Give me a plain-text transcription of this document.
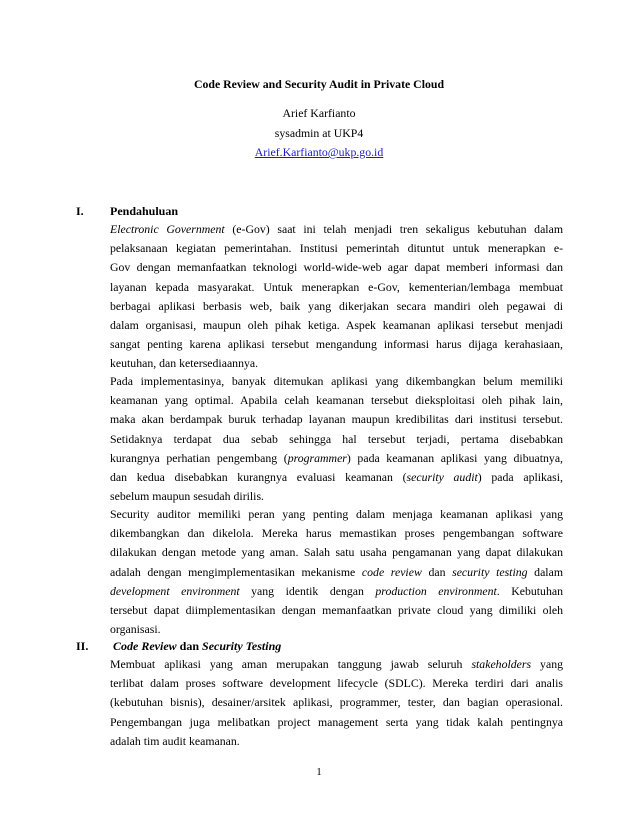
Code Review and Security Audit in Private Cloud
Arief Karfianto
sysadmin at UKP4
Arief.Karfianto@ukp.go.id
I. Pendahuluan
Electronic Government (e-Gov) saat ini telah menjadi tren sekaligus kebutuhan dalam
pelaksanaan kegiatan pemerintahan. Institusi pemerintah dituntut untuk menerapkan e-
Gov dengan memanfaatkan teknologi world-wide-web agar dapat memberi informasi dan
layanan kepada masyarakat. Untuk menerapkan e-Gov, kementerian/lembaga membuat
berbagai aplikasi berbasis web, baik yang dikerjakan secara mandiri oleh pegawai di
dalam organisasi, maupun oleh pihak ketiga. Aspek keamanan aplikasi tersebut menjadi
sangat penting karena aplikasi tersebut mengandung informasi harus dijaga kerahasiaan,
keutuhan, dan ketersediaannya.
Pada implementasinya, banyak ditemukan aplikasi yang dikembangkan belum memiliki
keamanan yang optimal. Apabila celah keamanan tersebut dieksploitasi oleh pihak lain,
maka akan berdampak buruk terhadap layanan maupun kredibilitas dari institusi tersebut.
Setidaknya terdapat dua sebab sehingga hal tersebut terjadi, pertama disebabkan
kurangnya perhatian pengembang (programmer) pada keamanan aplikasi yang dibuatnya,
dan kedua disebabkan kurangnya evaluasi keamanan (security audit) pada aplikasi,
sebelum maupun sesudah dirilis.
Security auditor memiliki peran yang penting dalam menjaga keamanan aplikasi yang
dikembangkan dan dikelola. Mereka harus memastikan proses pengembangan software
dilakukan dengan metode yang aman. Salah satu usaha pengamanan yang dapat dilakukan
adalah dengan mengimplementasikan mekanisme code review dan security testing dalam
development environment yang identik dengan production environment. Kebutuhan
tersebut dapat diimplementasikan dengan memanfaatkan private cloud yang dimiliki oleh
organisasi.
II. Code Review dan Security Testing
Membuat aplikasi yang aman merupakan tanggung jawab seluruh stakeholders yang
terlibat dalam proses software development lifecycle (SDLC). Mereka terdiri dari analis
(kebutuhan bisnis), desainer/arsitek aplikasi, programmer, tester, dan bagian operasional.
Pengembangan juga melibatkan project management serta yang tidak kalah pentingnya
adalah tim audit keamanan.
1
